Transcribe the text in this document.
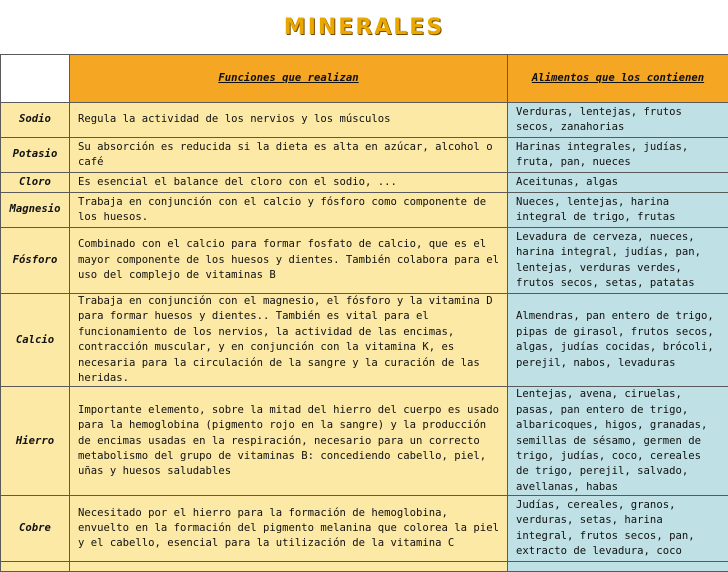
MINERALES
	Funciones que realizan	Alimentos que los contienen
Sodio	Regula la actividad de los nervios y los músculos	Verduras, lentejas, frutos secos, zanahorias
Potasio	Su absorción es reducida si la dieta es alta en azúcar, alcohol o café	Harinas integrales, judías, fruta, pan, nueces
Cloro	Es esencial el balance del cloro con el sodio, ...	Aceitunas, algas
Magnesio	Trabaja en conjunción con el calcio y fósforo como componente de los huesos.	Nueces, lentejas, harina integral de trigo, frutas
Fósforo	Combinado con el calcio para formar fosfato de calcio, que es el mayor componente de los huesos y dientes. También colabora para el uso del complejo de vitaminas B	Levadura de cerveza, nueces, harina integral, judías, pan, lentejas, verduras verdes, frutos secos, setas, patatas
Calcio	Trabaja en conjunción con el magnesio, el fósforo y la vitamina D para formar huesos y dientes.. También es vital para el funcionamiento de los nervios, la actividad de las encimas, contracción muscular, y en conjunción con la vitamina K, es necesaria para la circulación de la sangre y la curación de las heridas.	Almendras, pan entero de trigo, pipas de girasol, frutos secos, algas, judías cocidas, brócoli, perejil, nabos, levaduras
Hierro	Importante elemento, sobre la mitad del hierro del cuerpo es usado para la hemoglobina (pigmento rojo en la sangre) y la producción de encimas usadas en la respiración, necesario para un correcto metabolismo del grupo de vitaminas B: concediendo cabello, piel, uñas y huesos saludables	Lentejas, avena, ciruelas, pasas, pan entero de trigo, albaricoques, higos, granadas, semillas de sésamo, germen de trigo, judías, coco, cereales de trigo, perejil, salvado, avellanas, habas
Cobre	Necesitado por el hierro para la formación de hemoglobina, envuelto en la formación del pigmento melanina que colorea la piel y el cabello, esencial para la utilización de la vitamina C	Judías, cereales, granos, verduras, setas, harina integral, frutos secos, pan, extracto de levadura, coco
